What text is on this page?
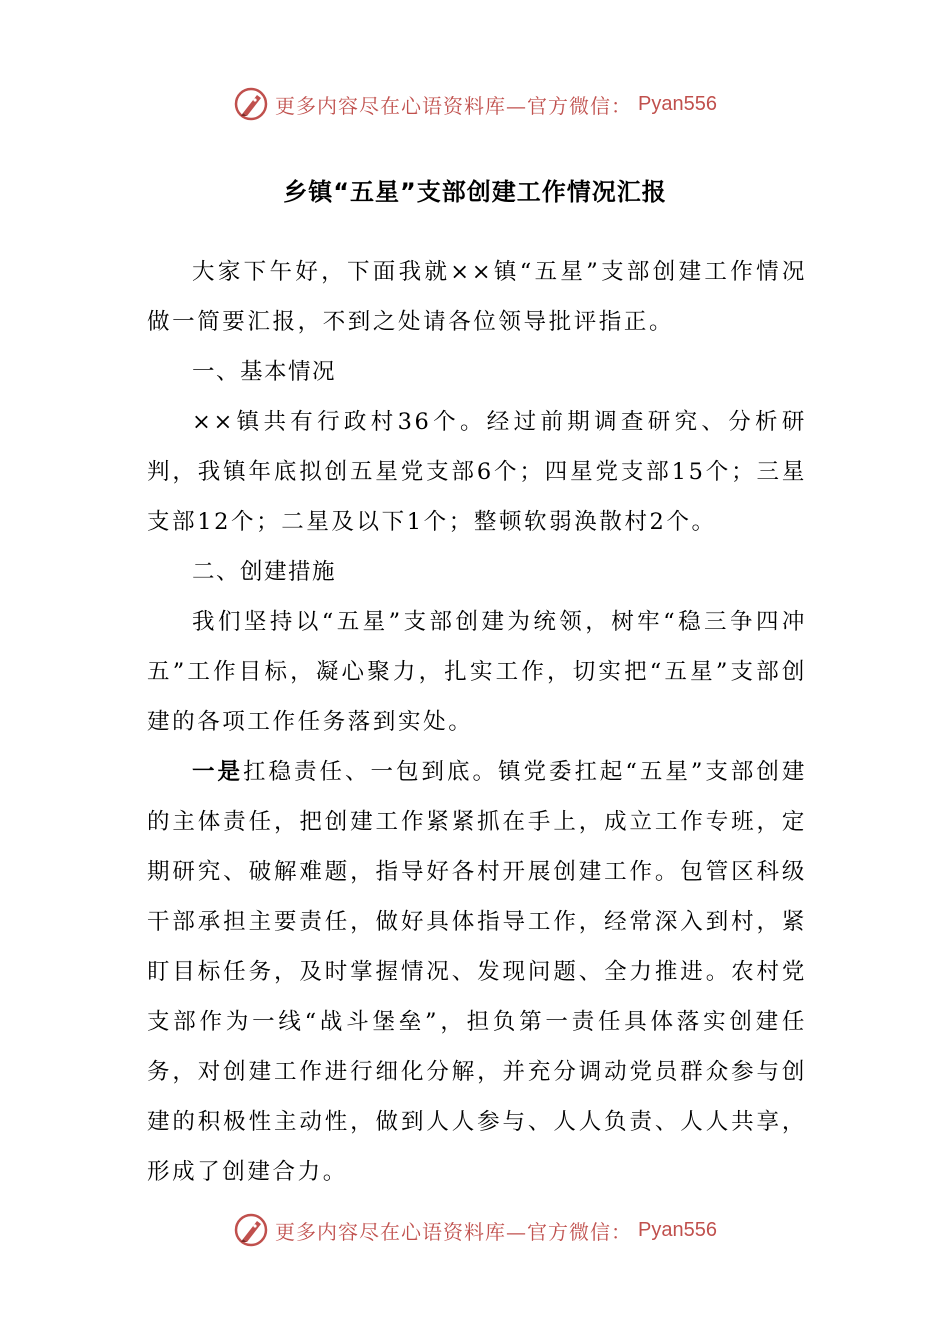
更多内容尽在心语资料库—官方微信： Pyan556
乡镇“五星”支部创建工作情况汇报

大家下午好，下面我就××镇“五星”支部创建工作情况做一简要汇报，不到之处请各位领导批评指正。

一、基本情况

××镇共有行政村36个。经过前期调查研究、分析研判，我镇年底拟创五星党支部6个；四星党支部15个；三星支部12个；二星及以下1个；整顿软弱涣散村2个。

二、创建措施

我们坚持以“五星”支部创建为统领，树牢“稳三争四冲五”工作目标，凝心聚力，扎实工作，切实把“五星”支部创建的各项工作任务落到实处。

一是扛稳责任、一包到底。镇党委扛起“五星”支部创建的主体责任，把创建工作紧紧抓在手上，成立工作专班，定期研究、破解难题，指导好各村开展创建工作。包管区科级干部承担主要责任，做好具体指导工作，经常深入到村，紧盯目标任务，及时掌握情况、发现问题、全力推进。农村党支部作为一线“战斗堡垒”，担负第一责任具体落实创建任务，对创建工作进行细化分解，并充分调动党员群众参与创建的积极性主动性，做到人人参与、人人负责、人人共享，形成了创建合力。

更多内容尽在心语资料库—官方微信： Pyan556
